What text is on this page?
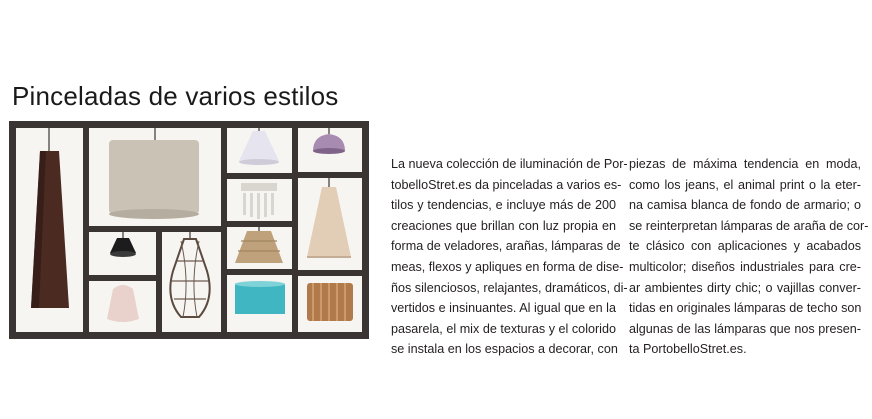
Pinceladas de varios estilos
La nueva colección de iluminación de Por-
tobelloStret.es da pinceladas a varios es-
tilos y tendencias, e incluye más de 200
creaciones que brillan con luz propia en
forma de veladores, arañas, lámparas de
meas, flexos y apliques en forma de dise-
ños silenciosos, relajantes, dramáticos, di-
vertidos e insinuantes. Al igual que en la
pasarela, el mix de texturas y el colorido
se instala en los espacios a decorar, con
piezas de máxima tendencia en moda,
como los jeans, el animal print o la eter-
na camisa blanca de fondo de armario; o
se reinterpretan lámparas de araña de cor-
te clásico con aplicaciones y acabados
multicolor; diseños industriales para cre-
ar ambientes dirty chic; o vajillas conver-
tidas en originales lámparas de techo son
algunas de las lámparas que nos presen-
ta PortobelloStret.es.
